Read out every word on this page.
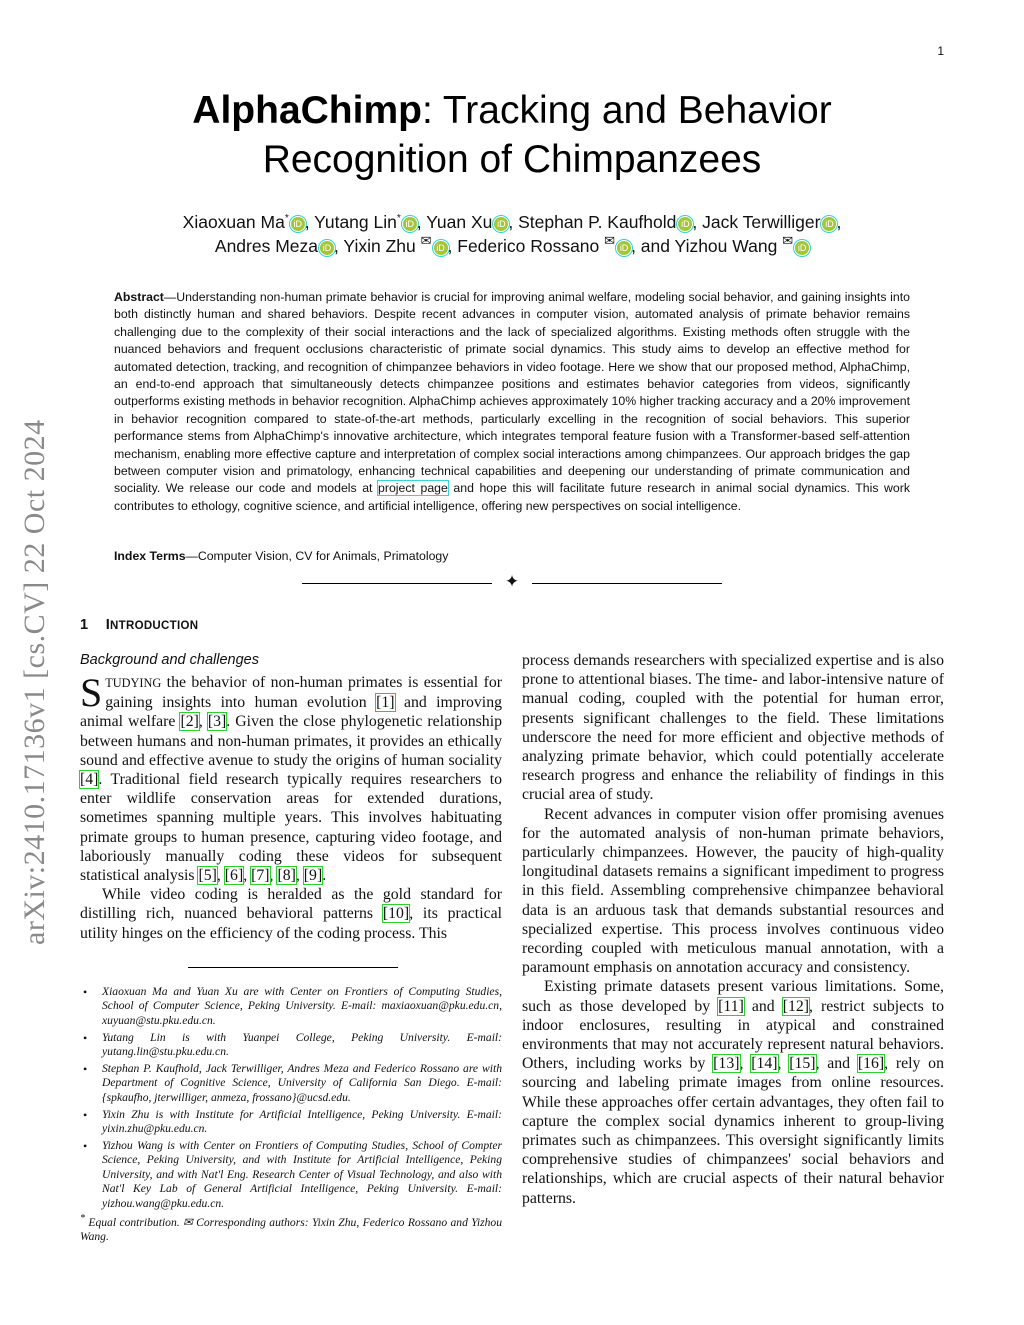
1
arXiv:2410.17136v1 [cs.CV] 22 Oct 2024
AlphaChimp: Tracking and Behavior
Recognition of Chimpanzees
Xiaoxuan Ma* iD , Yutang Lin* iD , Yuan Xu iD , Stephan P. Kaufhold iD , Jack Terwilliger iD ,
Andres Meza iD , Yixin Zhu ✉ iD , Federico Rossano ✉ iD , and Yizhou Wang ✉iD
Abstract—Understanding non-human primate behavior is crucial for improving animal welfare, modeling social behavior, and gaining insights into both distinctly human and shared behaviors. Despite recent advances in computer vision, automated analysis of primate behavior remains challenging due to the complexity of their social interactions and the lack of specialized algorithms. Existing methods often struggle with the nuanced behaviors and frequent occlusions characteristic of primate social dynamics. This study aims to develop an effective method for automated detection, tracking, and recognition of chimpanzee behaviors in video footage. Here we show that our proposed method, AlphaChimp, an end-to-end approach that simultaneously detects chimpanzee positions and estimates behavior categories from videos, significantly outperforms existing methods in behavior recognition. AlphaChimp achieves approximately 10% higher tracking accuracy and a 20% improvement in behavior recognition compared to state-of-the-art methods, particularly excelling in the recognition of social behaviors. This superior performance stems from AlphaChimp's innovative architecture, which integrates temporal feature fusion with a Transformer-based self-attention mechanism, enabling more effective capture and interpretation of complex social interactions among chimpanzees. Our approach bridges the gap between computer vision and primatology, enhancing technical capabilities and deepening our understanding of primate communication and sociality. We release our code and models at project page and hope this will facilitate future research in animal social dynamics. This work contributes to ethology, cognitive science, and artificial intelligence, offering new perspectives on social intelligence.
Index Terms—Computer Vision, CV for Animals, Primatology
✦
1 INTRODUCTION
Background and challenges

STUDYING the behavior of non-human primates is essential for gaining insights into human evolution [1] and improving animal welfare [2], [3]. Given the close phylogenetic relationship between humans and non-human primates, it provides an ethically sound and effective avenue to study the origins of human sociality [4]. Traditional field research typically requires researchers to enter wildlife conservation areas for extended durations, sometimes spanning multiple years. This involves habituating primate groups to human presence, capturing video footage, and laboriously manually coding these videos for subsequent statistical analysis [5], [6], [7], [8], [9].

While video coding is heralded as the gold standard for distilling rich, nuanced behavioral patterns [10], its practical utility hinges on the efficiency of the coding process. This

• Xiaoxuan Ma and Yuan Xu are with Center on Frontiers of Computing Studies, School of Computer Science, Peking University. E-mail: maxiaoxuan@pku.edu.cn, xuyuan@stu.pku.edu.cn.
• Yutang Lin is with Yuanpei College, Peking University. E-mail: yutang.lin@stu.pku.edu.cn.
• Stephan P. Kaufhold, Jack Terwilliger, Andres Meza and Federico Rossano are with Department of Cognitive Science, University of California San Diego. E-mail: {spkaufho, jterwilliger, anmeza, frossano}@ucsd.edu.
• Yixin Zhu is with Institute for Artificial Intelligence, Peking University. E-mail: yixin.zhu@pku.edu.cn.
• Yizhou Wang is with Center on Frontiers of Computing Studies, School of Compter Science, Peking University, and with Institute for Artificial Intelligence, Peking University, and with Nat'l Eng. Research Center of Visual Technology, and also with Nat'l Key Lab of General Artificial Intelligence, Peking University. E-mail: yizhou.wang@pku.edu.cn.
* Equal contribution. ✉ Corresponding authors: Yixin Zhu, Federico Rossano and Yizhou Wang.

process demands researchers with specialized expertise and is also prone to attentional biases. The time- and labor-intensive nature of manual coding, coupled with the potential for human error, presents significant challenges to the field. These limitations underscore the need for more efficient and objective methods of analyzing primate behavior, which could potentially accelerate research progress and enhance the reliability of findings in this crucial area of study.

Recent advances in computer vision offer promising avenues for the automated analysis of non-human primate behaviors, particularly chimpanzees. However, the paucity of high-quality longitudinal datasets remains a significant impediment to progress in this field. Assembling comprehensive chimpanzee behavioral data is an arduous task that demands substantial resources and specialized expertise. This process involves continuous video recording coupled with meticulous manual annotation, with a paramount emphasis on annotation accuracy and consistency.

Existing primate datasets present various limitations. Some, such as those developed by [11] and [12], restrict subjects to indoor enclosures, resulting in atypical and constrained environments that may not accurately represent natural behaviors. Others, including works by [13], [14], [15], and [16], rely on sourcing and labeling primate images from online resources. While these approaches offer certain advantages, they often fail to capture the complex social dynamics inherent to group-living primates such as chimpanzees. This oversight significantly limits comprehensive studies of chimpanzees' social behaviors and relationships, which are crucial aspects of their natural behavior patterns.
